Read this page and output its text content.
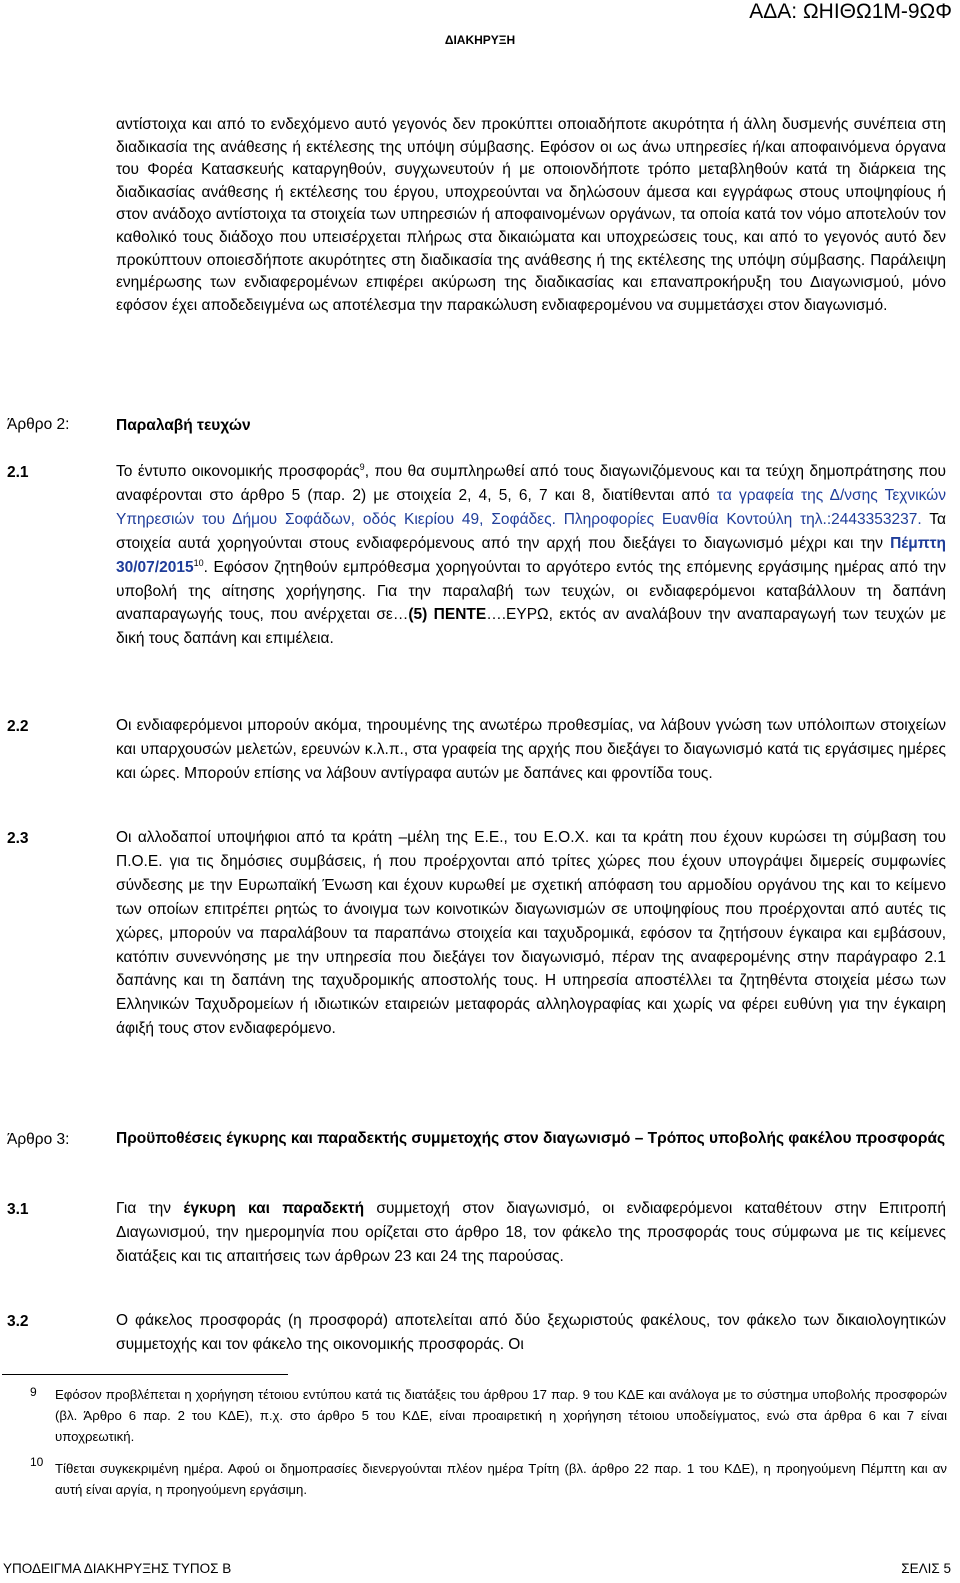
ΑΔΑ: ΩΗΙΘΩ1Μ-9ΩΦ
ΔΙΑΚΗΡΥΞΗ

αντίστοιχα και από το ενδεχόμενο αυτό γεγονός δεν προκύπτει οποιαδήποτε ακυρότητα ή άλλη δυσμενής συνέπεια στη διαδικασία της ανάθεσης ή εκτέλεσης της υπόψη σύμβασης. Εφόσον οι ως άνω υπηρεσίες ή/και αποφαινόμενα όργανα του Φορέα Κατασκευής καταργηθούν, συγχωνευτούν ή με οποιονδήποτε τρόπο μεταβληθούν κατά τη διάρκεια της διαδικασίας ανάθεσης ή εκτέλεσης του έργου, υποχρεούνται να δηλώσουν άμεσα και εγγράφως στους υποψηφίους ή στον ανάδοχο αντίστοιχα τα στοιχεία των υπηρεσιών ή αποφαινομένων οργάνων, τα οποία κατά τον νόμο αποτελούν τον καθολικό τους διάδοχο που υπεισέρχεται πλήρως στα δικαιώματα και υποχρεώσεις τους, και από το γεγονός αυτό δεν προκύπτουν οποιεσδήποτε ακυρότητες στη διαδικασία της ανάθεσης ή της εκτέλεσης της υπόψη σύμβασης. Παράλειψη ενημέρωσης των ενδιαφερομένων επιφέρει ακύρωση της διαδικασίας και επαναπροκήρυξη του Διαγωνισμού, μόνο εφόσον έχει αποδεδειγμένα ως αποτέλεσμα την παρακώλυση ενδιαφερομένου να συμμετάσχει στον διαγωνισμό.

Άρθρο 2:	Παραλαβή τευχών
2.1	Το έντυπο οικονομικής προσφοράς$^9$, που θα συμπληρωθεί από τους διαγωνιζόμενους και τα τεύχη δημοπράτησης που αναφέρονται στο άρθρο 5 (παρ. 2) με στοιχεία 2, 4, 5, 6, 7 και 8, διατίθενται από τα γραφεία της Δ/νσης Τεχνικών Υπηρεσιών του Δήμου Σοφάδων, οδός Κιερίου 49, Σοφάδες. Πληροφορίες Ευανθία Κοντούλη τηλ.:2443353237. Τα στοιχεία αυτά χορηγούνται στους ενδιαφερόμενους από την αρχή που διεξάγει το διαγωνισμό μέχρι και την Πέμπτη 30/07/2015$^{10}$. Εφόσον ζητηθούν εμπρόθεσμα χορηγούνται το αργότερο εντός της επόμενης εργάσιμης ημέρας από την υποβολή της αίτησης χορήγησης. Για την παραλαβή των τευχών, οι ενδιαφερόμενοι καταβάλλουν τη δαπάνη αναπαραγωγής τους, που ανέρχεται σε…(5) ΠΕΝΤΕ….ΕΥΡΩ, εκτός αν αναλάβουν την αναπαραγωγή των τευχών με δική τους δαπάνη και επιμέλεια.

2.2	Οι ενδιαφερόμενοι μπορούν ακόμα, τηρουμένης της ανωτέρω προθεσμίας, να λάβουν γνώση των υπόλοιπων στοιχείων και υπαρχουσών μελετών, ερευνών κ.λ.π., στα γραφεία της αρχής που διεξάγει το διαγωνισμό κατά τις εργάσιμες ημέρες και ώρες. Μπορούν επίσης να λάβουν αντίγραφα αυτών με δαπάνες και φροντίδα τους.

2.3	Οι αλλοδαποί υποψήφιοι από τα κράτη –μέλη της Ε.Ε., του Ε.Ο.Χ. και τα κράτη που έχουν κυρώσει τη σύμβαση του Π.Ο.Ε. για τις δημόσιες συμβάσεις, ή που προέρχονται από τρίτες χώρες που έχουν υπογράψει διμερείς συμφωνίες σύνδεσης με την Ευρωπαϊκή Ένωση και έχουν κυρωθεί με σχετική απόφαση του αρμοδίου οργάνου της και το κείμενο των οποίων επιτρέπει ρητώς το άνοιγμα των κοινοτικών διαγωνισμών σε υποψηφίους που προέρχονται από αυτές τις χώρες, μπορούν να παραλάβουν τα παραπάνω στοιχεία και ταχυδρομικά, εφόσον τα ζητήσουν έγκαιρα και εμβάσουν, κατόπιν συνεννόησης με την υπηρεσία που διεξάγει τον διαγωνισμό, πέραν της αναφερομένης στην παράγραφο 2.1 δαπάνης και τη δαπάνη της ταχυδρομικής αποστολής τους. Η υπηρεσία αποστέλλει τα ζητηθέντα στοιχεία μέσω των Ελληνικών Ταχυδρομείων ή ιδιωτικών εταιρειών μεταφοράς αλληλογραφίας και χωρίς να φέρει ευθύνη για την έγκαιρη άφιξή τους στον ενδιαφερόμενο.

Άρθρο 3:	Προϋποθέσεις έγκυρης και παραδεκτής συμμετοχής στον διαγωνισμό – Τρόπος υποβολής φακέλου προσφοράς
3.1	Για την έγκυρη και παραδεκτή συμμετοχή στον διαγωνισμό, οι ενδιαφερόμενοι καταθέτουν στην Επιτροπή Διαγωνισμού, την ημερομηνία που ορίζεται στο άρθρο 18, τον φάκελο της προσφοράς τους σύμφωνα με τις κείμενες διατάξεις και τις απαιτήσεις των άρθρων 23 και 24 της παρούσας.

3.2	Ο φάκελος προσφοράς (η προσφορά) αποτελείται από δύο ξεχωριστούς φακέλους, τον φάκελο των δικαιολογητικών συμμετοχής και τον φάκελο της οικονομικής προσφοράς. Οι

9 Εφόσον προβλέπεται η χορήγηση τέτοιου εντύπου κατά τις διατάξεις του άρθρου 17 παρ. 9 του ΚΔΕ και ανάλογα με το σύστημα υποβολής προσφορών (βλ. Άρθρο 6 παρ. 2 του ΚΔΕ), π.χ. στο άρθρο 5 του ΚΔΕ, είναι προαιρετική η χορήγηση τέτοιου υποδείγματος, ενώ στα άρθρα 6 και 7 είναι υποχρεωτική.
10 Τίθεται συγκεκριμένη ημέρα. Αφού οι δημοπρασίες διενεργούνται πλέον ημέρα Τρίτη (βλ. άρθρο 22 παρ. 1 του ΚΔΕ), η προηγούμενη Πέμπτη και αν αυτή είναι αργία, η προηγούμενη εργάσιμη.
ΥΠΟΔΕΙΓΜΑ ΔΙΑΚΗΡΥΞΗΣ ΤΥΠΟΣ Β	ΣΕΛΙΣ 5
